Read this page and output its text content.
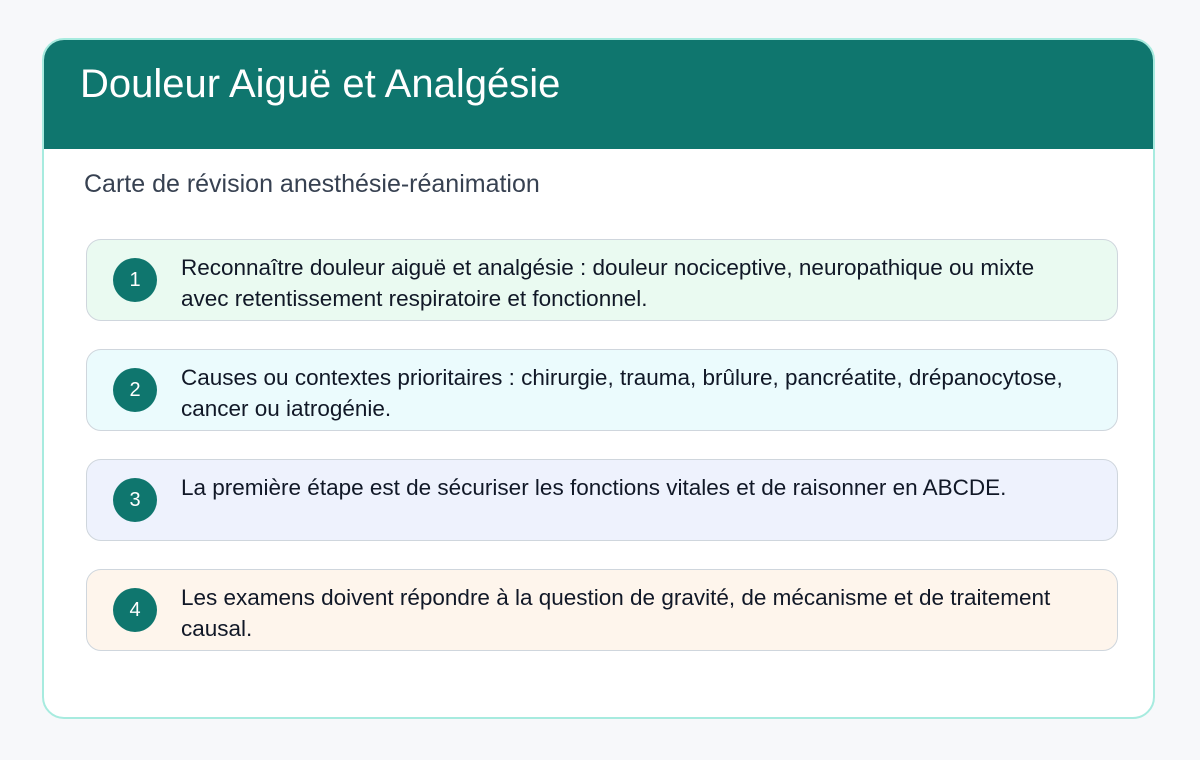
Douleur Aiguë et Analgésie
Carte de révision anesthésie-réanimation
1	Reconnaître douleur aiguë et analgésie : douleur nociceptive, neuropathique ou mixte avec retentissement respiratoire et fonctionnel.
2	Causes ou contextes prioritaires : chirurgie, trauma, brûlure, pancréatite, drépanocytose, cancer ou iatrogénie.
3	La première étape est de sécuriser les fonctions vitales et de raisonner en ABCDE.
4	Les examens doivent répondre à la question de gravité, de mécanisme et de traitement causal.
